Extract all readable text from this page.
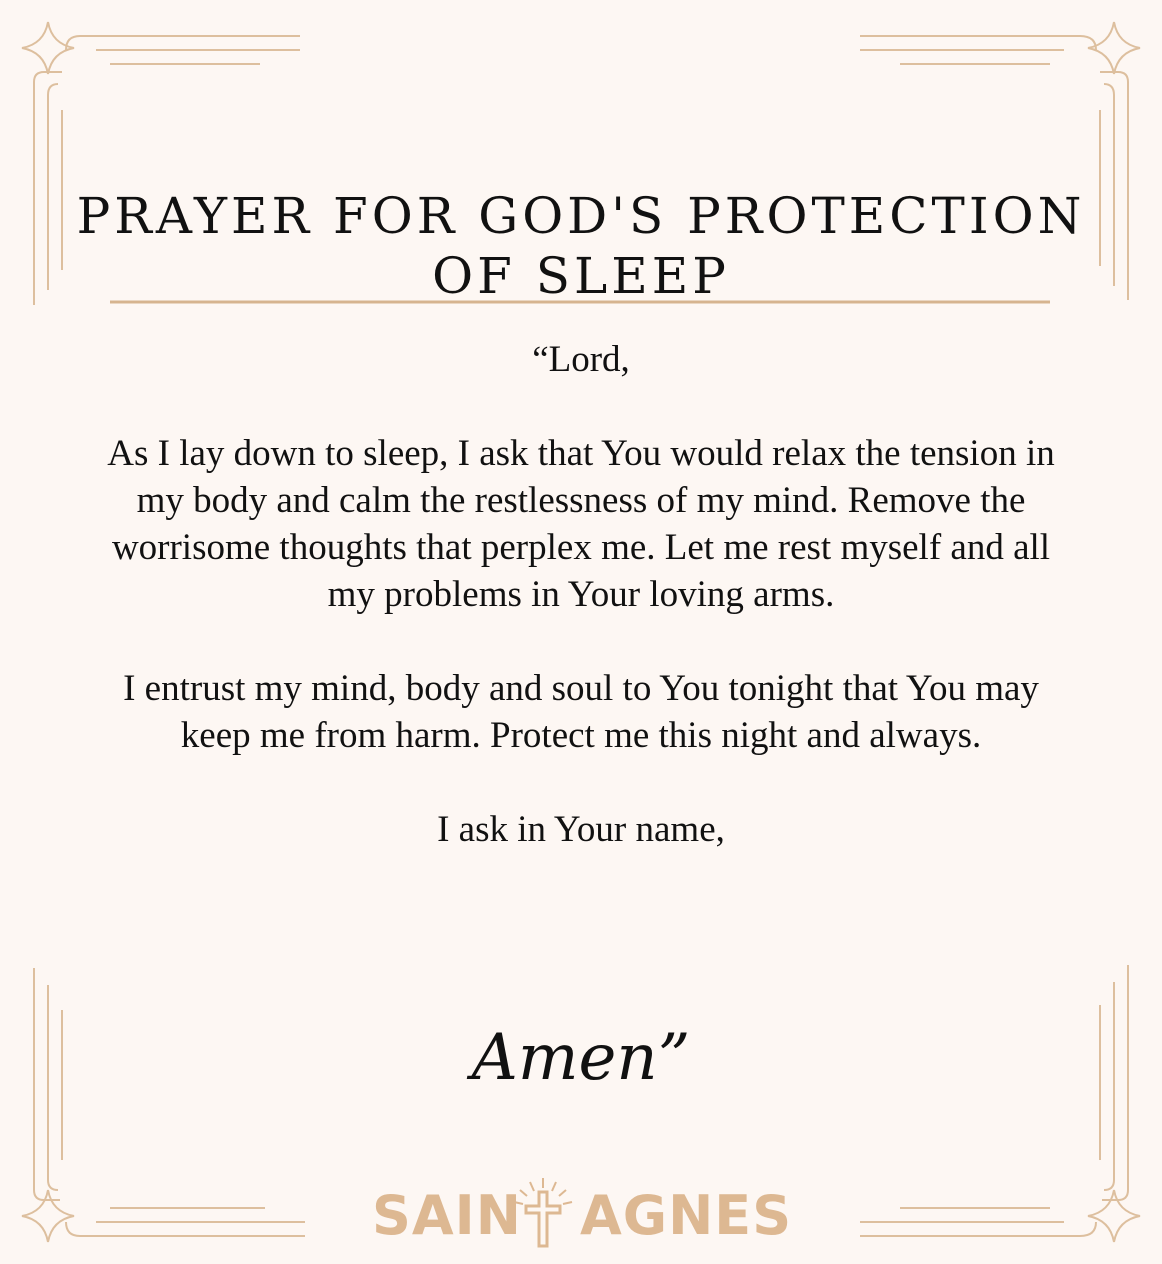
PRAYER FOR GOD'S PROTECTION
OF SLEEP

“Lord,

As I lay down to sleep, I ask that You would relax the tension in my body and calm the restlessness of my mind. Remove the worrisome thoughts that perplex me. Let me rest myself and all my problems in Your loving arms.

I entrust my mind, body and soul to You tonight that You may keep me from harm. Protect me this night and always.

I ask in Your name,

Amen”
SAIN AGNES
